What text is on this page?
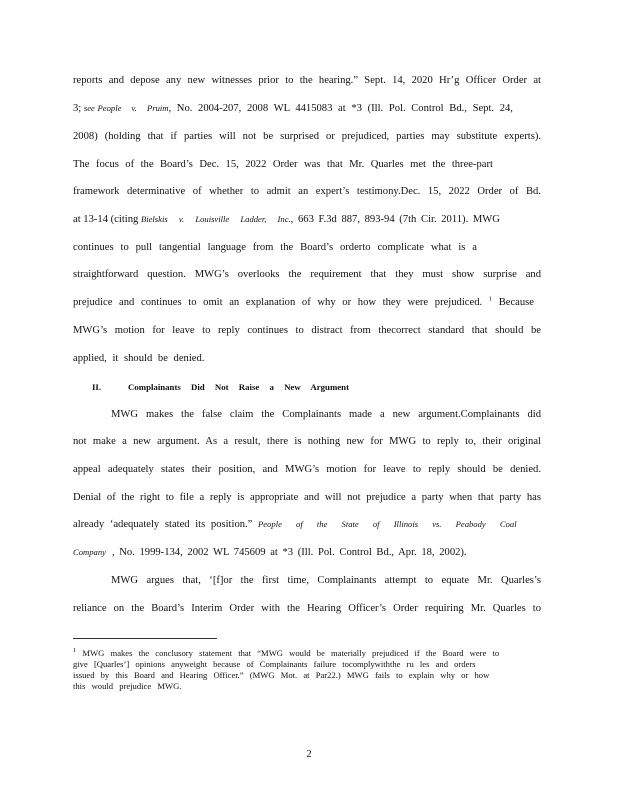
reports and depose any new witnesses prior to the hearing.” Sept. 14, 2020 Hr’g Officer Order at
3; see People v. Pruim, No. 2004-207, 2008 WL 4415083 at *3 (Ill. Pol. Control Bd., Sept. 24,
2008) (holding that if parties will not be surprised or prejudiced, parties may substitute experts).
The focus of the Board’s Dec. 15, 2022 Order was that Mr. Quarles met the three-part
framework determinative of whether to admit an expert’s testimony.Dec. 15, 2022 Order of Bd.
at 13-14 (citing Bielskis v. Louisville Ladder, Inc., 663 F.3d 887, 893-94 (7th Cir. 2011). MWG
continues to pull tangential language from the Board’s orderto complicate what is a
straightforward question. MWG’s overlooks the requirement that they must show surprise and
prejudice and continues to omit an explanation of why or how they were prejudiced. $^1$ Because
MWG’s motion for leave to reply continues to distract from thecorrect standard that should be
applied, it should be denied.
II.	Complainants Did Not Raise a New Argument
MWG makes the false claim the Complainants made a new argument.Complainants did
not make a new argument. As a result, there is nothing new for MWG to reply to, their original
appeal adequately states their position, and MWG’s motion for leave to reply should be denied.
Denial of the right to file a reply is appropriate and will not prejudice a party when that party has
already ‘adequately stated its position.” People of the State of Illinois vs. Peabody Coal
Company , No. 1999-134, 2002 WL 745609 at *3 (Ill. Pol. Control Bd., Apr. 18, 2002).
MWG argues that, ‘[f]or the first time, Complainants attempt to equate Mr. Quarles’s
reliance on the Board’s Interim Order with the Hearing Officer’s Order requiring Mr. Quarles to
$^1$ MWG makes the conclusory statement that “MWG would be materially prejudiced if the Board were to
give [Quarles’] opinions anyweight because of Complainants failure tocomplywiththe ru les and orders
issued by this Board and Hearing Officer.” (MWG Mot. at Par22.) MWG fails to explain why or how
this would prejudice MWG.
2
